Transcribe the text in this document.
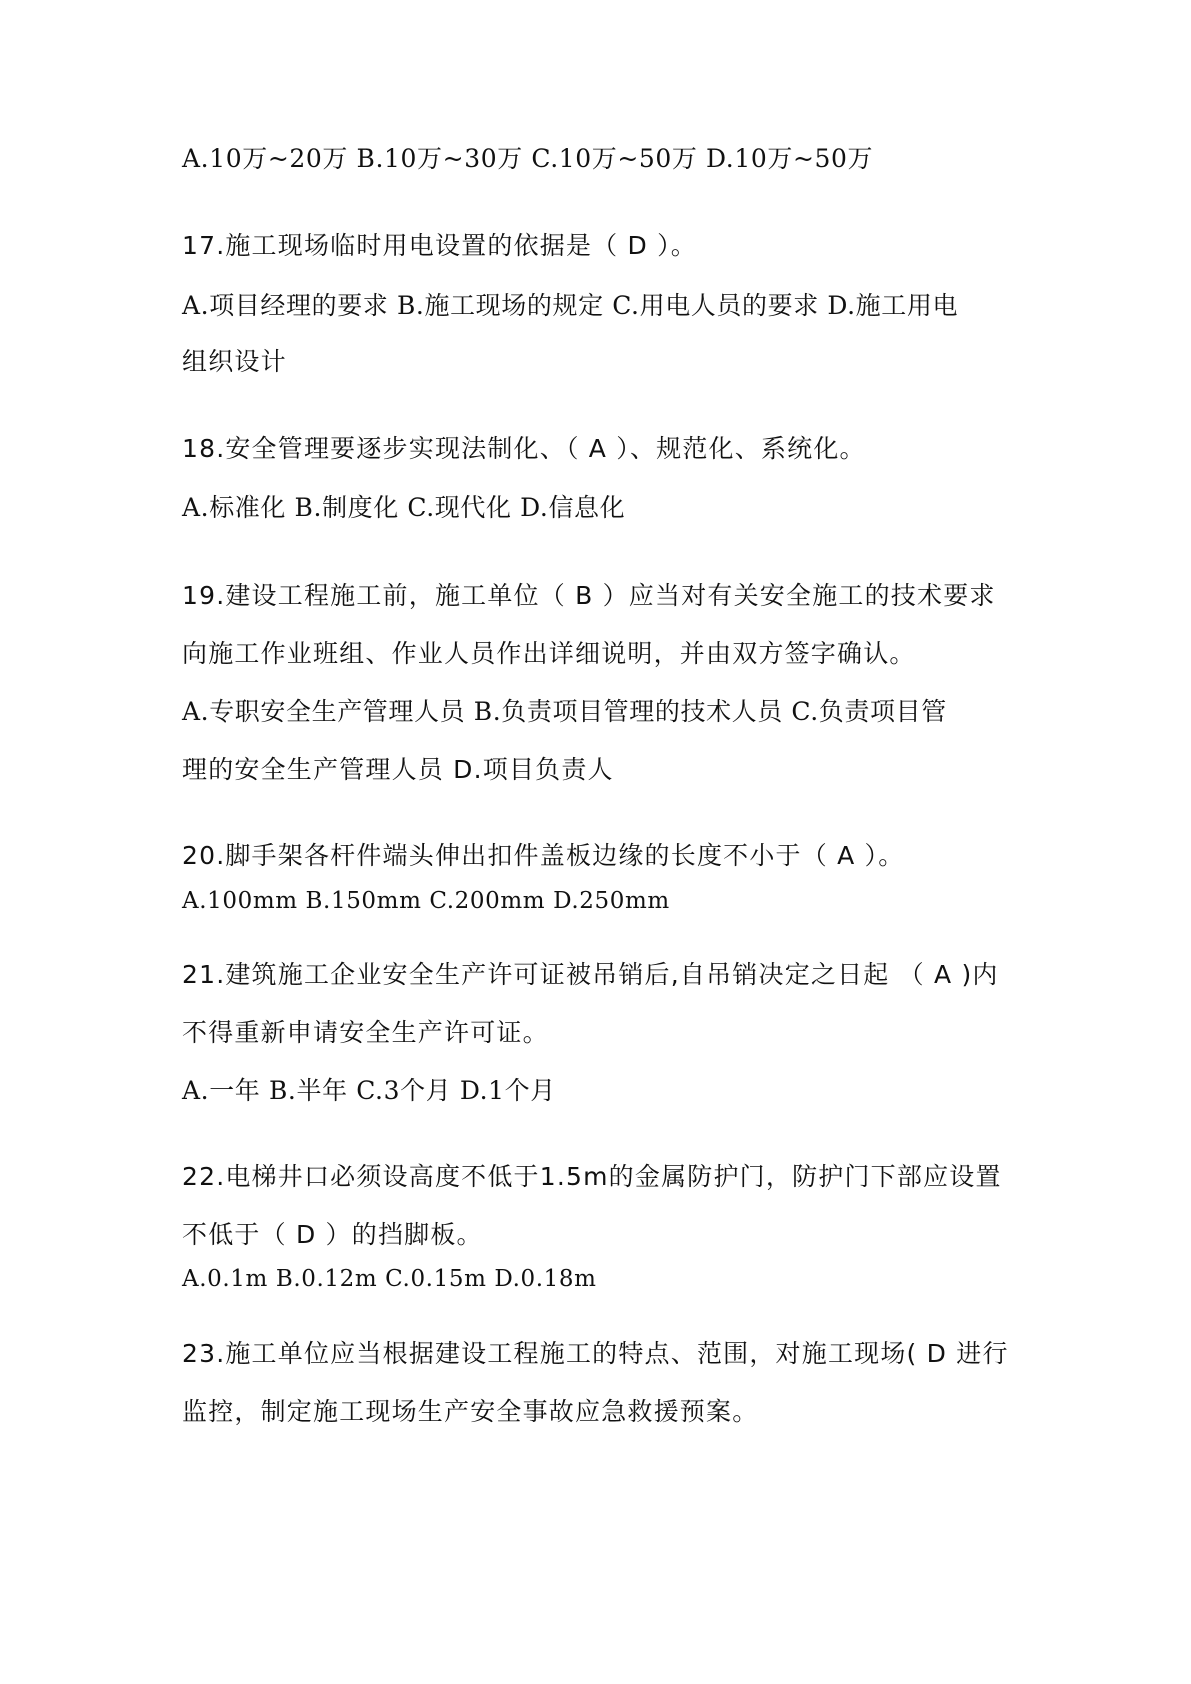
A.10万~20万 B.10万~30万 C.10万~50万 D.10万~50万
17.施工现场临时用电设置的依据是（ D ）。
A.项目经理的要求 B.施工现场的规定 C.用电人员的要求 D.施工用电
组织设计
18.安全管理要逐步实现法制化、（ A ）、规范化、系统化。
A.标准化 B.制度化 C.现代化 D.信息化
19.建设工程施工前，施工单位（ B ）应当对有关安全施工的技术要求
向施工作业班组、作业人员作出详细说明，并由双方签字确认。
A.专职安全生产管理人员 B.负责项目管理的技术人员 C.负责项目管
理的安全生产管理人员 D.项目负责人
20.脚手架各杆件端头伸出扣件盖板边缘的长度不小于（ A ）。
A.100mm B.150mm C.200mm D.250mm
21.建筑施工企业安全生产许可证被吊销后,自吊销决定之日起 （ A )内
不得重新申请安全生产许可证。
A.一年 B.半年 C.3个月 D.1个月
22.电梯井口必须设高度不低于1.5m的金属防护门，防护门下部应设置
不低于（ D ）的挡脚板。
A.0.1m B.0.12m C.0.15m D.0.18m
23.施工单位应当根据建设工程施工的特点、范围，对施工现场( D 进行
监控，制定施工现场生产安全事故应急救援预案。
